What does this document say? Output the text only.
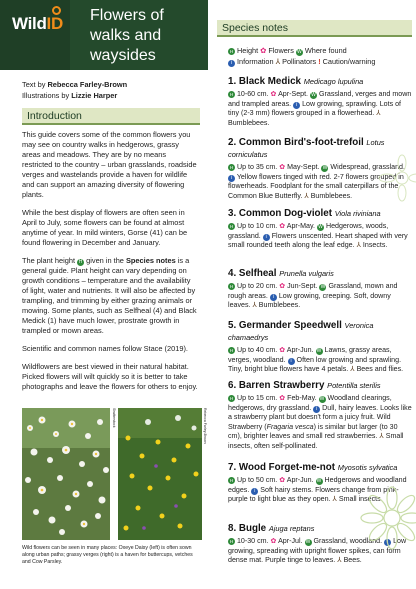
WildID Flowers of walks and waysides
Text by Rebecca Farley-Brown
Illustrations by Lizzie Harper
Introduction

This guide covers some of the common flowers you may see on country walks in hedgerows, grassy areas and meadows. They are by no means restricted to the country – urban grasslands, roadside verges and wastelands provide a haven for wildlife and can support an amazing diversity of flowering plants.

While the best display of flowers are often seen in April to July, some flowers can be found at almost anytime of year. In mild winters, Gorse (41) can be found flowering in December and January.

The plant height H given in the Species notes is a general guide. Plant height can vary depending on growth conditions – temperature and the availability of light, water and nutrients. It will also be affected by trampling, and trimming by either grazing animals or mowing. Some plants, such as Selfheal (4) and Black Medick (1) have much lower, prostrate growth in trampled or mown areas.

Scientific and common names follow Stace (2019).

Wildflowers are best viewed in their natural habitat. Picked flowers will wilt quickly so it is better to take photographs and leave the flowers for others to enjoy.

Shutterstock	Rebecca Farley-Brown
Wild flowers can be seen in many places: Oxeye Daisy (left) is often sown along urban paths; grassy verges (right) is a haven for buttercups, vetches and Cow Parsley.
Species notes
H Height ✿ Flowers W Where found
i Information ⅄ Pollinators ! Caution/warning
1. Black Medick Medicago lupulina
H 10-60 cm. ✿ Apr-Sept. W Grassland, verges and mown and trampled areas. i Low growing, sprawling. Lots of tiny (2-3 mm) flowers grouped in a flowerhead. ⅄ Bumblebees.
2. Common Bird's-foot-trefoil Lotus corniculatus
H Up to 35 cm. ✿ May-Sept. W Widespread, grassland. i Yellow flowers tinged with red. 2-7 flowers grouped in flowerheads. Foodplant for the small caterpillars of the Common Blue Butterfly. ⅄ Bumblebees.
3. Common Dog-violet Viola riviniana
H Up to 10 cm. ✿ Apr-May. W Hedgerows, woods, grassland. i Flowers unscented. Heart shaped with very small rounded teeth along the leaf edge. ⅄ Insects.
4. Selfheal Prunella vulgaris
H Up to 20 cm. ✿ Jun-Sept. W Grassland, mown and rough areas. i Low growing, creeping. Soft, downy leaves. ⅄ Bumblebees.
5. Germander Speedwell Veronica chamaedrys
H Up to 40 cm. ✿ Apr-Jun. W Lawns, grassy areas, verges, woodland. i Often low growing and sprawling. Tiny, bright blue flowers have 4 petals. ⅄ Bees and flies.
6. Barren Strawberry Potentilla sterilis
H Up to 15 cm. ✿ Feb-May. W Woodland clearings, hedgerows, dry grassland. i Dull, hairy leaves. Looks like a strawberry plant but doesn't form a juicy fruit. Wild Strawberry (Fragaria vesca) is similar but larger (to 30 cm), brighter leaves and small red strawberries. ⅄ Small insects, often self-pollinated.
7. Wood Forget-me-not Myosotis sylvatica
H Up to 50 cm. ✿ Apr-Jun. W Hedgerows and woodland edges. i Soft hairy stems. Flowers change from pink-purple to light blue as they open. ⅄ Small insects.
8. Bugle Ajuga reptans
H 10-30 cm. ✿ Apr-Jul. W Grassland, woodland. i Low growing, spreading with upright flower spikes, can form dense mat. Purple tinge to leaves. ⅄ Bees.
